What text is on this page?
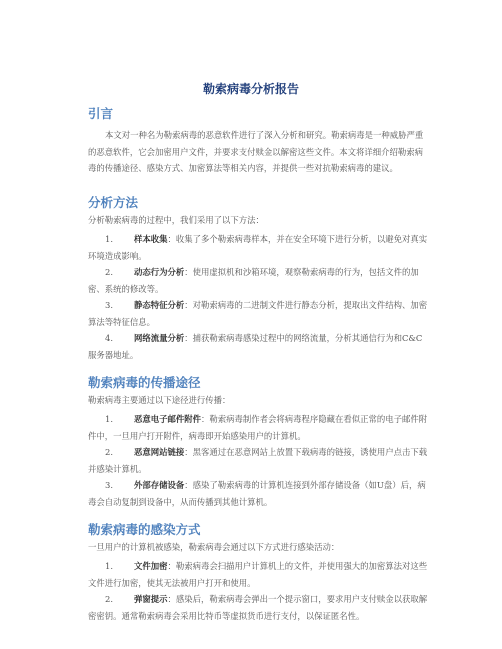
勒索病毒分析报告
引言

本文对一种名为勒索病毒的恶意软件进行了深入分析和研究。勒索病毒是一种威胁严重的恶意软件，它会加密用户文件，并要求支付赎金以解密这些文件。本文将详细介绍勒索病毒的传播途径、感染方式、加密算法等相关内容，并提供一些对抗勒索病毒的建议。

分析方法

分析勒索病毒的过程中，我们采用了以下方法：

1.	样本收集：收集了多个勒索病毒样本，并在安全环境下进行分析，以避免对真实环境造成影响。
2.	动态行为分析：使用虚拟机和沙箱环境，观察勒索病毒的行为，包括文件的加密、系统的修改等。
3.	静态特征分析：对勒索病毒的二进制文件进行静态分析，提取出文件结构、加密算法等特征信息。
4.	网络流量分析：捕获勒索病毒感染过程中的网络流量，分析其通信行为和C&C服务器地址。
勒索病毒的传播途径

勒索病毒主要通过以下途径进行传播：

1.	恶意电子邮件附件：勒索病毒制作者会将病毒程序隐藏在看似正常的电子邮件附件中，一旦用户打开附件，病毒即开始感染用户的计算机。
2.	恶意网站链接：黑客通过在恶意网站上放置下载病毒的链接，诱使用户点击下载并感染计算机。
3.	外部存储设备：感染了勒索病毒的计算机连接到外部存储设备（如U盘）后，病毒会自动复制到设备中，从而传播到其他计算机。
勒索病毒的感染方式

一旦用户的计算机被感染，勒索病毒会通过以下方式进行感染活动：

1.	文件加密：勒索病毒会扫描用户计算机上的文件，并使用强大的加密算法对这些文件进行加密，使其无法被用户打开和使用。
2.	弹窗提示：感染后，勒索病毒会弹出一个提示窗口，要求用户支付赎金以获取解密密钥。通常勒索病毒会采用比特币等虚拟货币进行支付，以保证匿名性。
